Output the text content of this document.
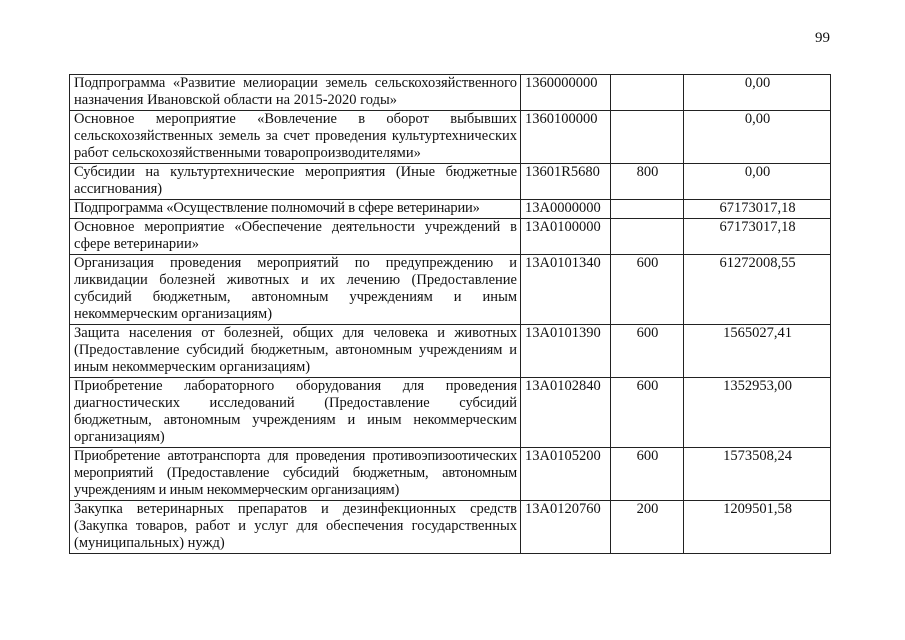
99
Подпрограмма «Развитие мелиорации земель сельскохозяйственного назначения Ивановской области на 2015-2020 годы»	1360000000		0,00
Основное мероприятие «Вовлечение в оборот выбывших сельскохозяйственных земель за счет проведения культуртехнических работ сельскохозяйственными товаропроизводителями»	1360100000		0,00
Субсидии на культуртехнические мероприятия (Иные бюджетные ассигнования)	13601R5680	800	0,00
Подпрограмма «Осуществление полномочий в сфере ветеринарии»	13А0000000		67173017,18
Основное мероприятие «Обеспечение деятельности учреждений в сфере ветеринарии»	13А0100000		67173017,18
Организация проведения мероприятий по предупреждению и ликвидации болезней животных и их лечению (Предоставление субсидий бюджетным, автономным учреждениям и иным некоммерческим организациям)	13А0101340	600	61272008,55
Защита населения от болезней, общих для человека и животных (Предоставление субсидий бюджетным, автономным учреждениям и иным некоммерческим организациям)	13А0101390	600	1565027,41
Приобретение лабораторного оборудования для проведения диагностических исследований (Предоставление субсидий бюджетным, автономным учреждениям и иным некоммерческим организациям)	13А0102840	600	1352953,00
Приобретение автотранспорта для проведения противоэпизоотических мероприятий (Предоставление субсидий бюджетным, автономным учреждениям и иным некоммерческим организациям)	13А0105200	600	1573508,24
Закупка ветеринарных препаратов и дезинфекционных средств (Закупка товаров, работ и услуг для обеспечения государственных (муниципальных) нужд)	13А0120760	200	1209501,58
